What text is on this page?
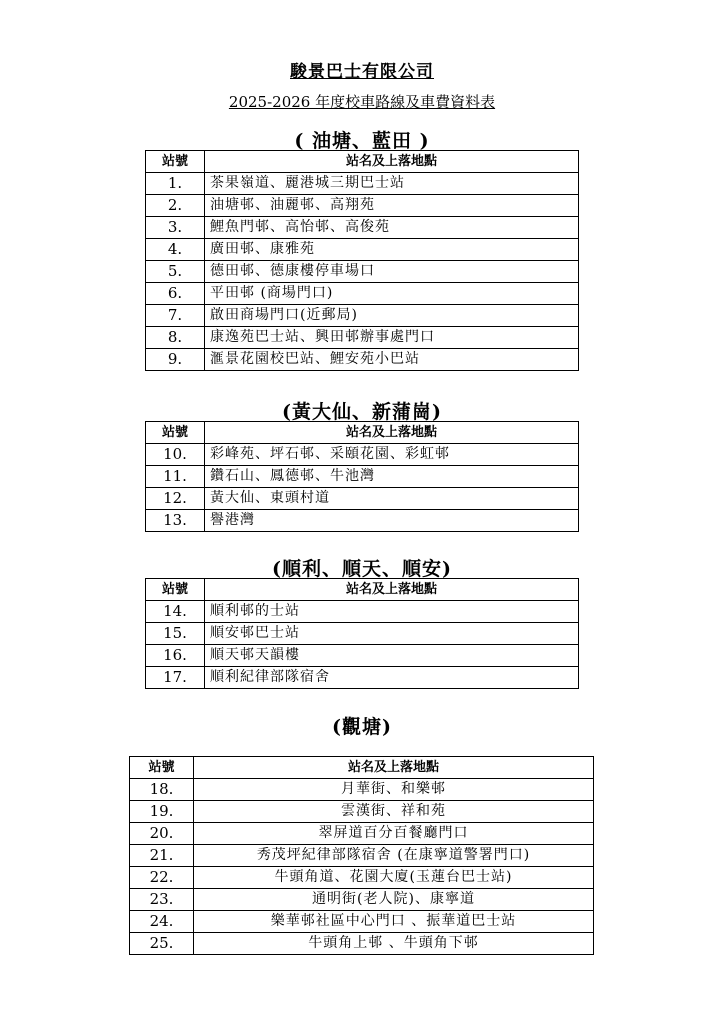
駿景巴士有限公司
2025-2026 年度校車路線及車費資料表
( 油塘、藍田 )
站號	站名及上落地點
1.	茶果嶺道、麗港城三期巴士站
2.	油塘邨、油麗邨、高翔苑
3.	鯉魚門邨、高怡邨、高俊苑
4.	廣田邨、康雅苑
5.	德田邨、德康樓停車場口
6.	平田邨 (商場門口)
7.	啟田商場門口(近郵局)
8.	康逸苑巴士站、興田邨辦事處門口
9.	滙景花園校巴站、鯉安苑小巴站
(黃大仙、新蒲崗)
站號	站名及上落地點
10.	彩峰苑、坪石邨、采頤花園、彩虹邨
11.	鑽石山、鳳德邨、牛池灣
12.	黃大仙、東頭村道
13.	譽港灣
(順利、順天、順安)
站號	站名及上落地點
14.	順利邨的士站
15.	順安邨巴士站
16.	順天邨天韻樓
17.	順利紀律部隊宿舍
(觀塘)
站號	站名及上落地點
18.	月華街、和樂邨
19.	雲漢街、祥和苑
20.	翠屏道百分百餐廳門口
21.	秀茂坪紀律部隊宿舍 (在康寧道警署門口)
22.	牛頭角道、花園大廈(玉蓮台巴士站)
23.	通明街(老人院)、康寧道
24.	樂華邨社區中心門口 、振華道巴士站
25.	牛頭角上邨 、牛頭角下邨
